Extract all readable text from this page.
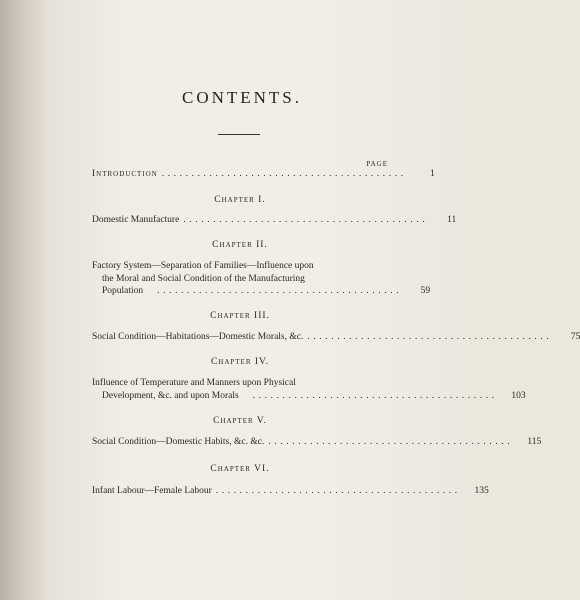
CONTENTS.
PAGE
Introduction .........................................	1
Chapter I.
Domestic Manufacture .........................................	11
Chapter II.
Factory System—Separation of Families—Influence upon
the Moral and Social Condition of the Manufacturing
Population	.........................................	59
Chapter III.
Social Condition—Habitations—Domestic Morals, &c. .........................................	75
Chapter IV.
Influence of Temperature and Manners upon Physical
Development, &c. and upon Morals	.........................................	103
Chapter V.
Social Condition—Domestic Habits, &c. &c. .........................................	115
Chapter VI.
Infant Labour—Female Labour .........................................	135
